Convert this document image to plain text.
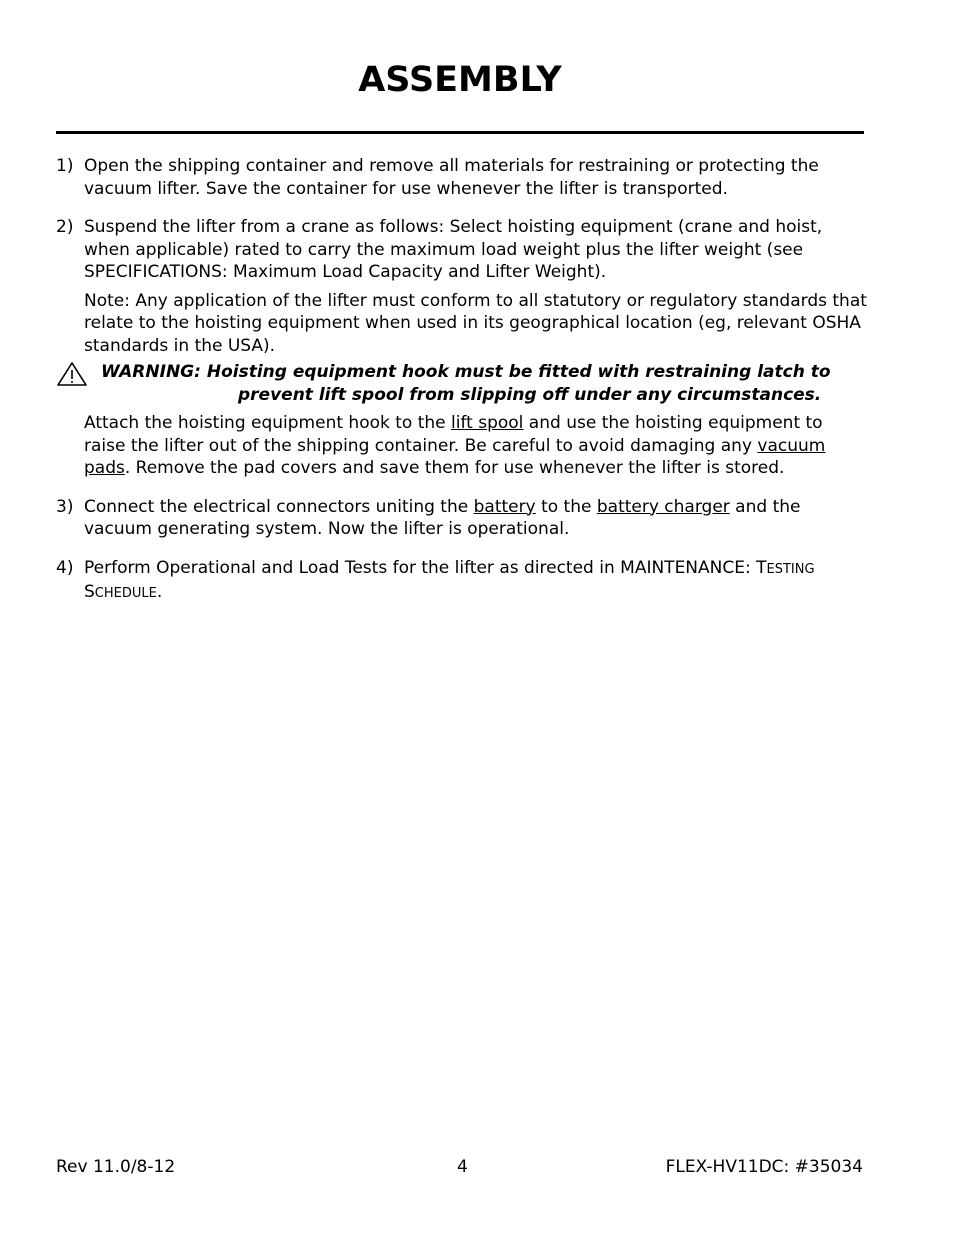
ASSEMBLY
1) Open the shipping container and remove all materials for restraining or protecting the vacuum lifter. Save the container for use whenever the lifter is transported.

2) Suspend the lifter from a crane as follows: Select hoisting equipment (crane and hoist, when applicable) rated to carry the maximum load weight plus the lifter weight (see SPECIFICATIONS: Maximum Load Capacity and Lifter Weight).

Note: Any application of the lifter must conform to all statutory or regulatory standards that relate to the hoisting equipment when used in its geographical location (eg, relevant OSHA standards in the USA).

WARNING: Hoisting equipment hook must be fitted with restraining latch to
prevent lift spool from slipping off under any circumstances.

Attach the hoisting equipment hook to the lift spool and use the hoisting equipment to raise the lifter out of the shipping container. Be careful to avoid damaging any vacuum pads. Remove the pad covers and save them for use whenever the lifter is stored.

3) Connect the electrical connectors uniting the battery to the battery charger and the vacuum generating system. Now the lifter is operational.

4) Perform Operational and Load Tests for the lifter as directed in MAINTENANCE: TESTING SCHEDULE.

Rev 11.0/8-12	4	FLEX-HV11DC: #35034
